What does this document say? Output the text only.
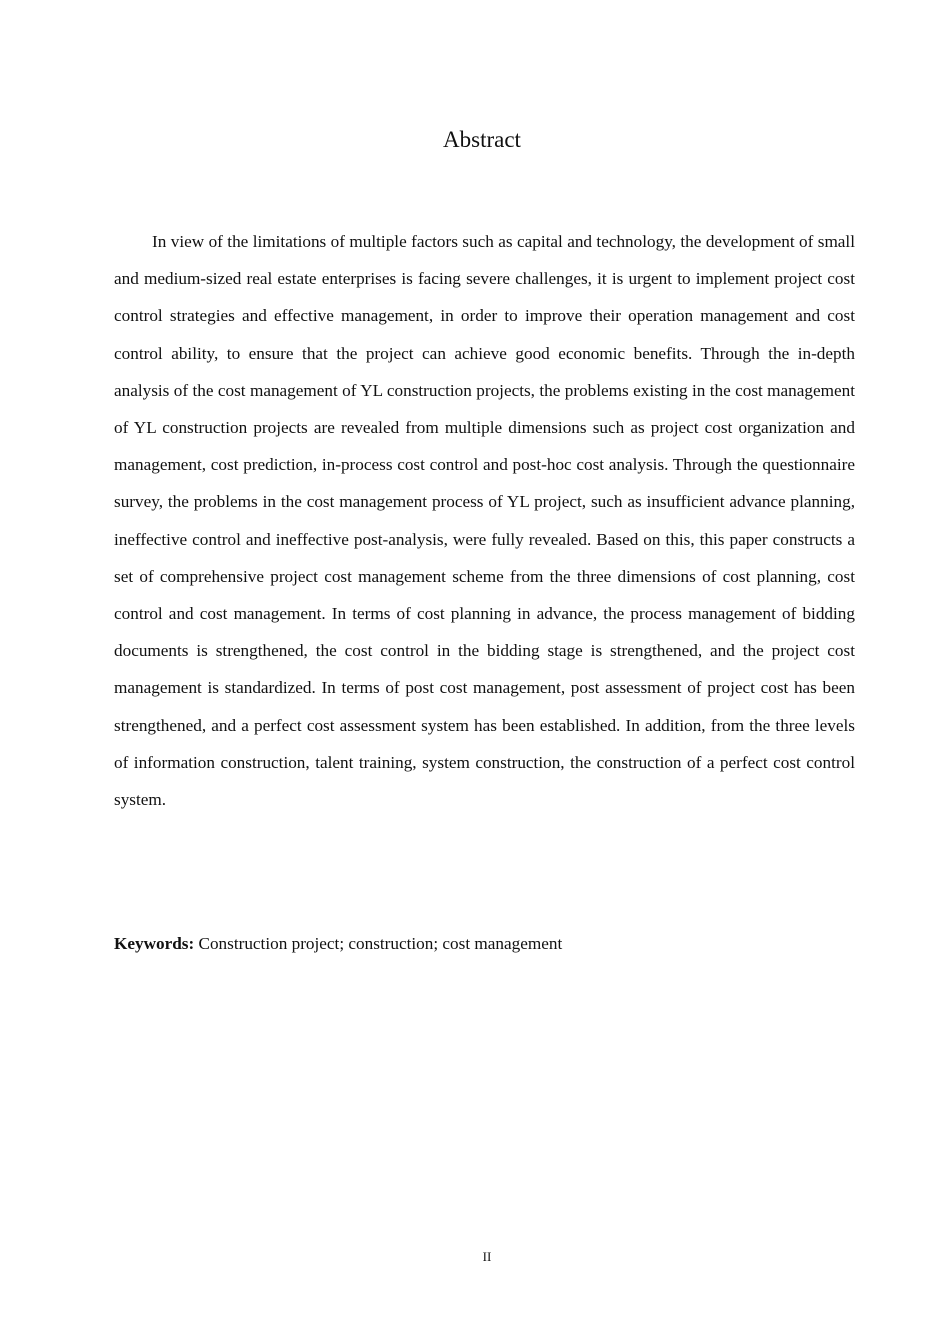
Abstract

In view of the limitations of multiple factors such as capital and technology, the development of small and medium-sized real estate enterprises is facing severe challenges, it is urgent to implement project cost control strategies and effective management, in order to improve their operation management and cost control ability, to ensure that the project can achieve good economic benefits. Through the in-depth analysis of the cost management of YL construction projects, the problems existing in the cost management of YL construction projects are revealed from multiple dimensions such as project cost organization and management, cost prediction, in-process cost control and post-hoc cost analysis. Through the questionnaire survey, the problems in the cost management process of YL project, such as insufficient advance planning, ineffective control and ineffective post-analysis, were fully revealed. Based on this, this paper constructs a set of comprehensive project cost management scheme from the three dimensions of cost planning, cost control and cost management. In terms of cost planning in advance, the process management of bidding documents is strengthened, the cost control in the bidding stage is strengthened, and the project cost management is standardized. In terms of post cost management, post assessment of project cost has been strengthened, and a perfect cost assessment system has been established. In addition, from the three levels of information construction, talent training, system construction, the construction of a perfect cost control system.

Keywords: Construction project; construction; cost management

II
